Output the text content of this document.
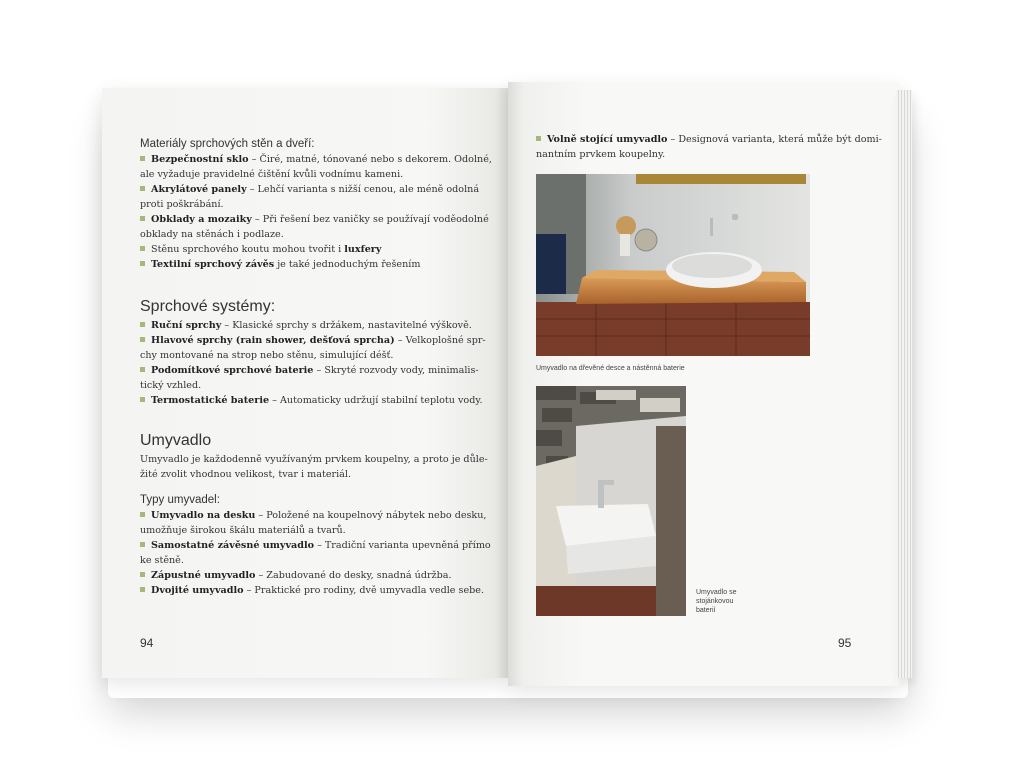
Materiály sprchových stěn a dveří:
Bezpečnostní sklo – Čiré, matné, tónované nebo s dekorem. Odolné,
ale vyžaduje pravidelné čištění kvůli vodnímu kameni.
Akrylátové panely – Lehčí varianta s nižší cenou, ale méně odolná
proti poškrábání.
Obklady a mozaiky – Při řešení bez vaničky se používají voděodolné
obklady na stěnách i podlaze.
Stěnu sprchového koutu mohou tvořit i luxfery
Textilní sprchový závěs je také jednoduchým řešením
Sprchové systémy:
Ruční sprchy – Klasické sprchy s držákem, nastavitelné výškově.
Hlavové sprchy (rain shower, dešťová sprcha) – Velkoplošné spr-
chy montované na strop nebo stěnu, simulující déšť.
Podomítkové sprchové baterie – Skryté rozvody vody, minimalis-
tický vzhled.
Termostatické baterie – Automaticky udržují stabilní teplotu vody.
Umyvadlo
Umyvadlo je každodenně využívaným prvkem koupelny, a proto je důle-
žité zvolit vhodnou velikost, tvar i materiál.
Typy umyvadel:
Umyvadlo na desku – Položené na koupelnový nábytek nebo desku,
umožňuje širokou škálu materiálů a tvarů.
Samostatné závěsné umyvadlo – Tradiční varianta upevněná přímo
ke stěně.
Zápustné umyvadlo – Zabudované do desky, snadná údržba.
Dvojité umyvadlo – Praktické pro rodiny, dvě umyvadla vedle sebe.
94
Volně stojící umyvadlo – Designová varianta, která může být domi-
nantním prvkem koupelny.
Umyvadlo na dřevěné desce a nástěnná baterie
Umyvadlo se
stojánkovou
baterií
95
